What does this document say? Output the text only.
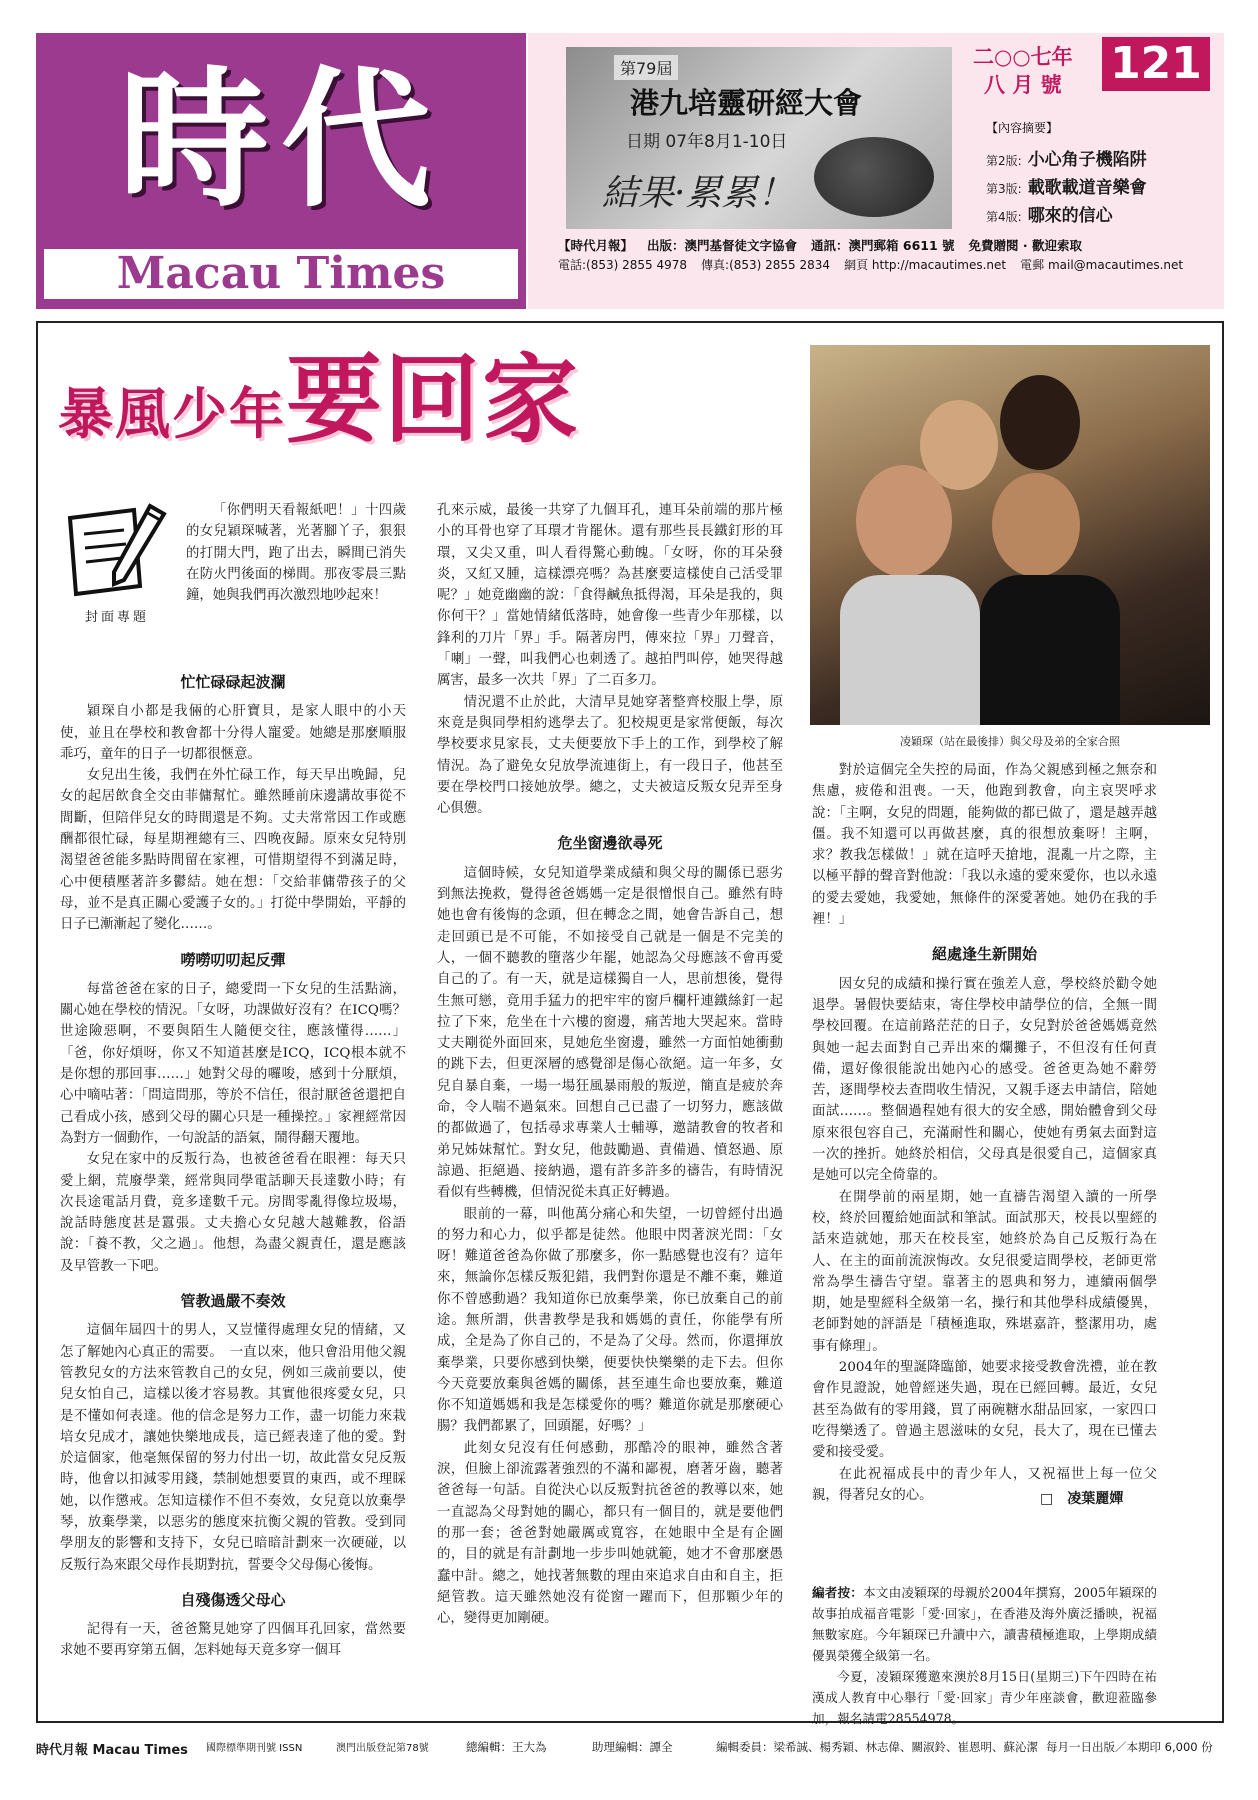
時代
Macau Times
第79屆
港九培靈研經大會
日期 07年8月1-10日
結果·累累！
二○○七年
八 月 號 121
【內容摘要】
第2版: 小心角子機陷阱
第3版: 載歌載道音樂會
第4版: 哪來的信心
【時代月報】 出版：澳門基督徒文字協會 通訊：澳門郵箱 6611 號 免費贈閱 · 歡迎索取
電話:(853) 2855 4978 傳真:(853) 2855 2834 網頁 http://macautimes.net 電郵 mail@macautimes.net
暴風少年要回家
凌穎琛（站在最後排）與父母及弟的全家合照
封面專題

「你們明天看報紙吧！」十四歲的女兒穎琛喊著，光著腳丫子，狠狠的打開大門，跑了出去，瞬間已消失在防火門後面的梯間。那夜零晨三點鐘，她與我們再次激烈地吵起來！

忙忙碌碌起波瀾

穎琛自小都是我倆的心肝寶貝，是家人眼中的小天使，並且在學校和教會都十分得人寵愛。她總是那麼順服乖巧，童年的日子一切都很愜意。

女兒出生後，我們在外忙碌工作，每天早出晚歸，兒女的起居飲食全交由菲傭幫忙。雖然睡前床邊講故事從不間斷，但陪伴兒女的時間還是不夠。丈夫常常因工作或應酬都很忙碌，每星期裡總有三、四晚夜歸。原來女兒特別渴望爸爸能多點時間留在家裡，可惜期望得不到滿足時，心中便積壓著許多鬱結。她在想：「交給菲傭帶孩子的父母，並不是真正關心愛護子女的。」打從中學開始，平靜的日子已漸漸起了變化……。

嘮嘮叨叨起反彈

每當爸爸在家的日子，總愛問一下女兒的生活點滴，關心她在學校的情況。「女呀，功課做好沒有？在ICQ嗎？世途險惡啊，不要與陌生人隨便交往，應該懂得……」「爸，你好煩呀，你又不知道甚麼是ICQ，ICQ根本就不是你想的那回事……」她對父母的囉唆，感到十分厭煩，心中嘀咕著：「問這問那，等於不信任，很討厭爸爸還把自己看成小孩，感到父母的關心只是一種操控。」家裡經常因為對方一個動作，一句說話的語氣，鬧得翻天覆地。

女兒在家中的反叛行為，也被爸爸看在眼裡：每天只愛上網，荒廢學業，經常與同學電話聊天長達數小時；有次長途電話月費，竟多達數千元。房間零亂得像垃圾場，說話時態度甚是囂張。丈夫擔心女兒越大越難教，俗語說：「養不教，父之過」。他想，為盡父親責任，還是應該及早管教一下吧。

管教過嚴不奏效

這個年屆四十的男人，又豈懂得處理女兒的情緒，又怎了解她內心真正的需要。　一直以來，他只會沿用他父親管教兒女的方法來管教自己的女兒，例如三歲前要以，使兒女怕自己，這樣以後才容易教。其實他很疼愛女兒，只是不懂如何表達。他的信念是努力工作，盡一切能力來栽培女兒成才，讓她快樂地成長，這已經表達了他的愛。對於這個家，他毫無保留的努力付出一切，故此當女兒反叛時，他會以扣減零用錢，禁制她想要買的東西，或不理睬她，以作懲戒。怎知這樣作不但不奏效，女兒竟以放棄學琴，放棄學業，以惡劣的態度來抗衡父親的管教。受到同學朋友的影響和支持下，女兒已暗暗計劃來一次硬碰，以反叛行為來跟父母作長期對抗，誓要令父母傷心後悔。

自殘傷透父母心

記得有一天，爸爸驚見她穿了四個耳孔回家，當然要求她不要再穿第五個，怎料她每天竟多穿一個耳

孔來示威，最後一共穿了九個耳孔，連耳朵前端的那片極小的耳骨也穿了耳環才肯罷休。還有那些長長鐵釘形的耳環，又尖又重，叫人看得驚心動魄。「女呀，你的耳朵發炎，又紅又腫，這樣漂亮嗎？為甚麼要這樣使自己活受罪呢？」她竟幽幽的說：「食得鹹魚抵得渴，耳朵是我的，與你何干？」當她情緒低落時，她會像一些青少年那樣，以鋒利的刀片「界」手。隔著房門，傳來拉「界」刀聲音，「喇」一聲，叫我們心也刺透了。越拍門叫停，她哭得越厲害，最多一次共「界」了二百多刀。

情況還不止於此，大清早見她穿著整齊校服上學，原來竟是與同學相約逃學去了。犯校規更是家常便飯，每次學校要求見家長，丈夫便要放下手上的工作，到學校了解情況。為了避免女兒放學流連街上，有一段日子，他甚至要在學校門口接她放學。總之，丈夫被這反叛女兒弄至身心俱憊。

危坐窗邊欲尋死

這個時候，女兒知道學業成績和與父母的關係已惡劣到無法挽救，覺得爸爸媽媽一定是很憎恨自己。雖然有時她也會有後悔的念頭，但在轉念之間，她會告訴自己，想走回頭已是不可能，不如接受自己就是一個是不完美的人，一個不聽教的墮落少年罷，她認為父母應該不會再愛自己的了。有一天，就是這樣獨自一人，思前想後，覺得生無可戀，竟用手猛力的把牢牢的窗戶欄杆連鐵絲釘一起拉了下來，危坐在十六樓的窗邊，痛苦地大哭起來。當時丈夫剛從外面回來，見她危坐窗邊，雖然一方面怕她衝動的跳下去，但更深層的感覺卻是傷心欲絕。這一年多，女兒自暴自棄，一場一場狂風暴雨般的叛逆，簡直是疲於奔命，令人喘不過氣來。回想自己已盡了一切努力，應該做的都做過了，包括尋求專業人士輔導，邀請教會的牧者和弟兄姊妹幫忙。對女兒，他鼓勵過、責備過、憤怒過、原諒過、拒絕過、接納過，還有許多許多的禱告，有時情況看似有些轉機，但情況從未真正好轉過。

眼前的一幕，叫他萬分痛心和失望，一切曾經付出過的努力和心力，似乎都是徒然。他眼中閃著淚光問：「女呀！難道爸爸為你做了那麼多，你一點感覺也沒有？這年來，無論你怎樣反叛犯錯，我們對你還是不離不棄，難道你不曾感動過？我知道你已放棄學業，你已放棄自己的前途。無所謂，供書教學是我和媽媽的責任，你能學有所成，全是為了你自己的，不是為了父母。然而，你還揮放棄學業，只要你感到快樂，便要快快樂樂的走下去。但你今天竟要放棄與爸媽的關係，甚至連生命也要放棄，難道你不知道媽媽和我是怎樣愛你的嗎？難道你就是那麼硬心腸？我們都累了，回頭罷，好嗎？」

此刻女兒沒有任何感動，那酷冷的眼神，雖然含著淚，但臉上卻流露著強烈的不滿和鄙視，磨著牙齒，聽著爸爸每一句話。自從決心以反叛對抗爸爸的教導以來，她一直認為父母對她的關心，都只有一個目的，就是要他們的那一套；爸爸對她嚴厲或寬容，在她眼中全是有企圖的，目的就是有計劃地一步步叫她就範，她才不會那麼愚蠢中計。總之，她找著無數的理由來追求自由和自主，拒絕管教。這天雖然她沒有從窗一躍而下，但那顆少年的心，變得更加剛硬。

對於這個完全失控的局面，作為父親感到極之無奈和焦慮，疲倦和沮喪。一天，他跑到教會，向主哀哭呼求說：「主啊，女兒的問題，能夠做的都已做了，還是越弄越僵。我不知還可以再做甚麼，真的很想放棄呀！主啊，求？教我怎樣做！」就在這呼天搶地，混亂一片之際，主以極平靜的聲音對他說：「我以永遠的愛來愛你，也以永遠的愛去愛她，我愛她，無條件的深愛著她。她仍在我的手裡！」

絕處逢生新開始

因女兒的成績和操行實在強差人意，學校終於勸令她退學。暑假快要結束，寄住學校申請學位的信，全無一間學校回覆。在這前路茫茫的日子，女兒對於爸爸媽媽竟然與她一起去面對自己弄出來的爛攤子，不但沒有任何責備，還好像很能說出她內心的感受。爸爸更為她不辭勞苦，逐間學校去查問收生情況，又親手逐去申請信，陪她面試……。整個過程她有很大的安全感，開始體會到父母原來很包容自己，充滿耐性和關心，使她有勇氣去面對這一次的挫折。她終於相信，父母真是很愛自己，這個家真是她可以完全倚靠的。

在開學前的兩星期，她一直禱告渴望入讀的一所學校，終於回覆給她面試和筆試。面試那天，校長以聖經的話來造就她，那天在校長室，她終於為自己反叛行為在人、在主的面前流淚悔改。女兒很愛這間學校，老師更常常為學生禱告守望。靠著主的恩典和努力，連續兩個學期，她是聖經科全級第一名，操行和其他學科成績優異，老師對她的評語是「積極進取，殊堪嘉許，整潔用功，處事有條理」。

2004年的聖誕降臨節，她要求接受教會洗禮，並在教會作見證說，她曾經迷失過，現在已經回轉。最近，女兒甚至為做有的零用錢，買了兩碗糖水甜品回家，一家四口吃得樂透了。曾過主恩滋味的女兒，長大了，現在已懂去愛和接受愛。

在此祝福成長中的青少年人，又祝福世上每一位父親，得著兒女的心。	□　凌葉麗嬋
編者按：本文由凌穎琛的母親於2004年撰寫，2005年穎琛的故事拍成福音電影「愛·回家」，在香港及海外廣泛播映，祝福無數家庭。今年穎琛已升讀中六，讀書積極進取，上學期成績優異榮獲全級第一名。
今夏，凌穎琛獲邀來澳於8月15日(星期三)下午四時在祐漢成人教育中心舉行「愛·回家」青少年座談會，歡迎蒞臨參加，報名請電28554978。
時代月報 Macau Times 國際標準期刊號 ISSN	澳門出版登記第78號	總編輯：王大為	助理編輯：譚全	編輯委員：梁希誠、楊秀穎、林志偉、關淑鈴、崔恩明、蘇沁潔 每月一日出版／本期印 6,000 份
